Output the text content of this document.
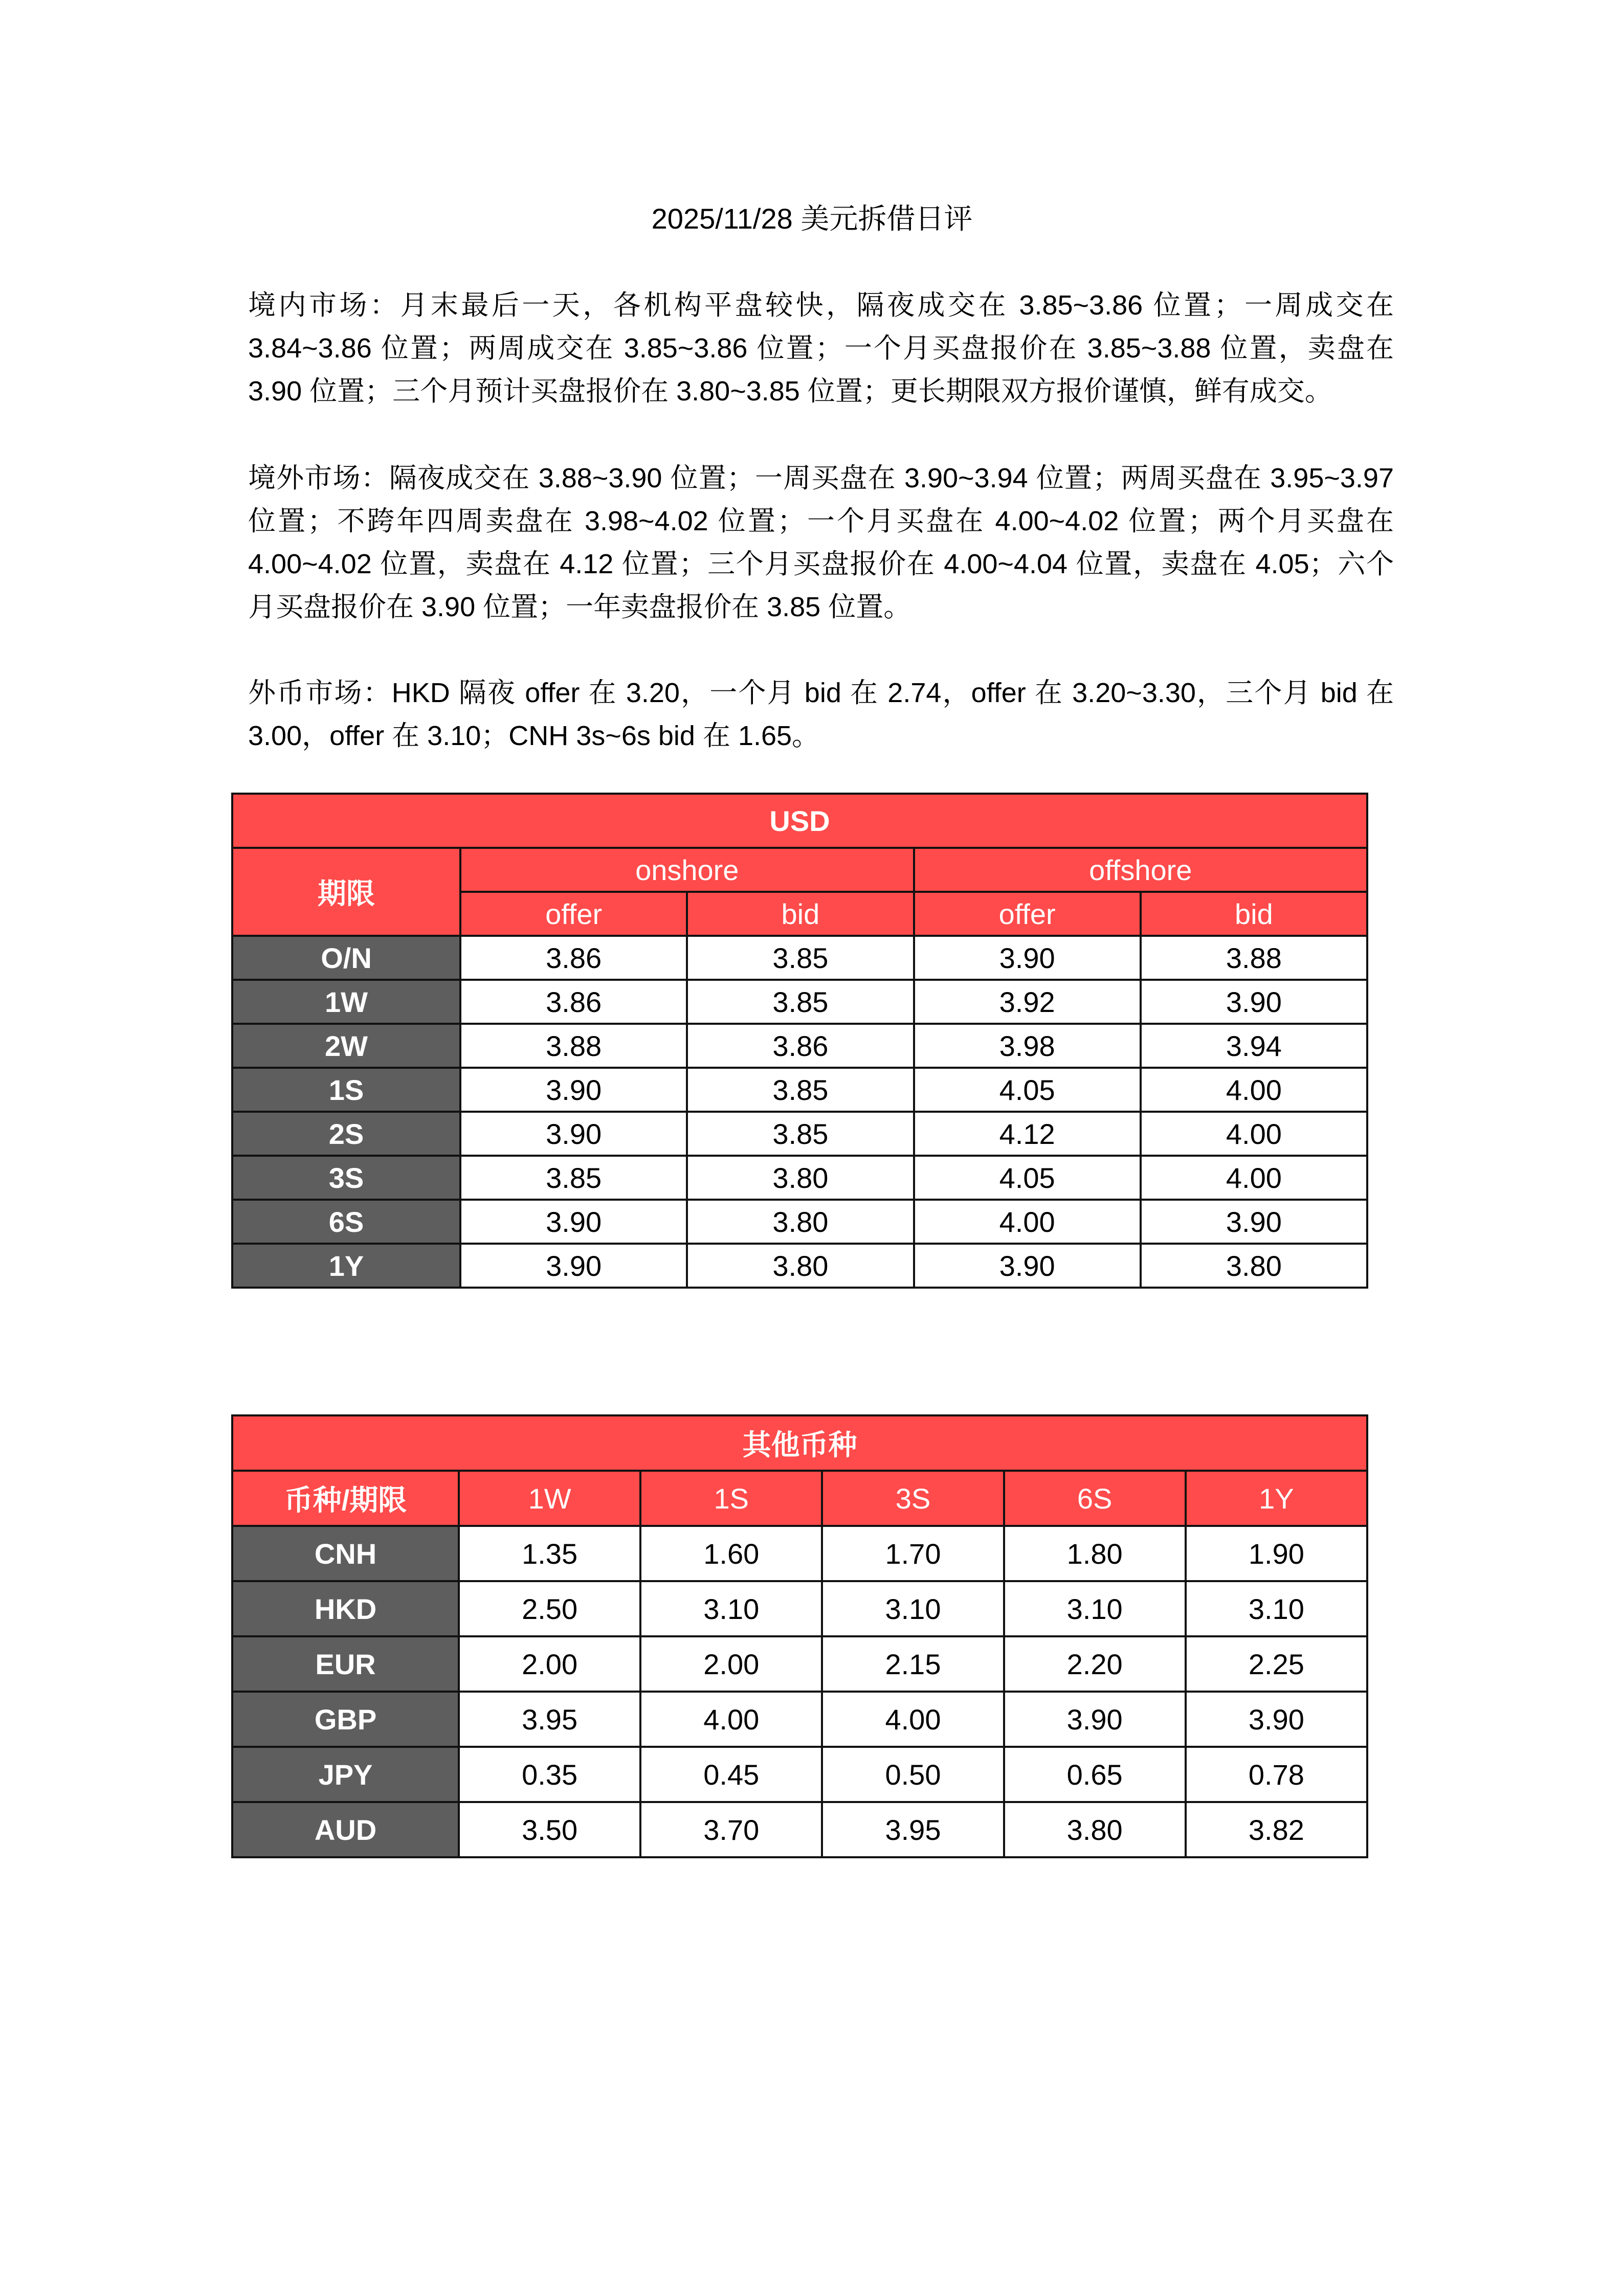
2025/11/28 美元拆借日评
境内市场：月末最后一天，各机构平盘较快，隔夜成交在 3.85~3.86 位置；一周成交在 3.84~3.86 位置；两周成交在 3.85~3.86 位置；一个月买盘报价在 3.85~3.88 位置，卖盘在 3.90 位置；三个月预计买盘报价在 3.80~3.85 位置；更长期限双方报价谨慎，鲜有成交。
境外市场：隔夜成交在 3.88~3.90 位置；一周买盘在 3.90~3.94 位置；两周买盘在 3.95~3.97 位置；不跨年四周卖盘在 3.98~4.02 位置；一个月买盘在 4.00~4.02 位置；两个月买盘在 4.00~4.02 位置，卖盘在 4.12 位置；三个月买盘报价在 4.00~4.04 位置，卖盘在 4.05；六个月买盘报价在 3.90 位置；一年卖盘报价在 3.85 位置。
外币市场：HKD 隔夜 offer 在 3.20，一个月 bid 在 2.74，offer 在 3.20~3.30，三个月 bid 在 3.00，offer 在 3.10；CNH 3s~6s bid 在 1.65。
USD				
期限	onshore		offshore	
	offer	bid	offer	bid
O/N	3.86	3.85	3.90	3.88
1W	3.86	3.85	3.92	3.90
2W	3.88	3.86	3.98	3.94
1S	3.90	3.85	4.05	4.00
2S	3.90	3.85	4.12	4.00
3S	3.85	3.80	4.05	4.00
6S	3.90	3.80	4.00	3.90
1Y	3.90	3.80	3.90	3.80
其他币种					
币种/期限	1W	1S	3S	6S	1Y
CNH	1.35	1.60	1.70	1.80	1.90
HKD	2.50	3.10	3.10	3.10	3.10
EUR	2.00	2.00	2.15	2.20	2.25
GBP	3.95	4.00	4.00	3.90	3.90
JPY	0.35	0.45	0.50	0.65	0.78
AUD	3.50	3.70	3.95	3.80	3.82
